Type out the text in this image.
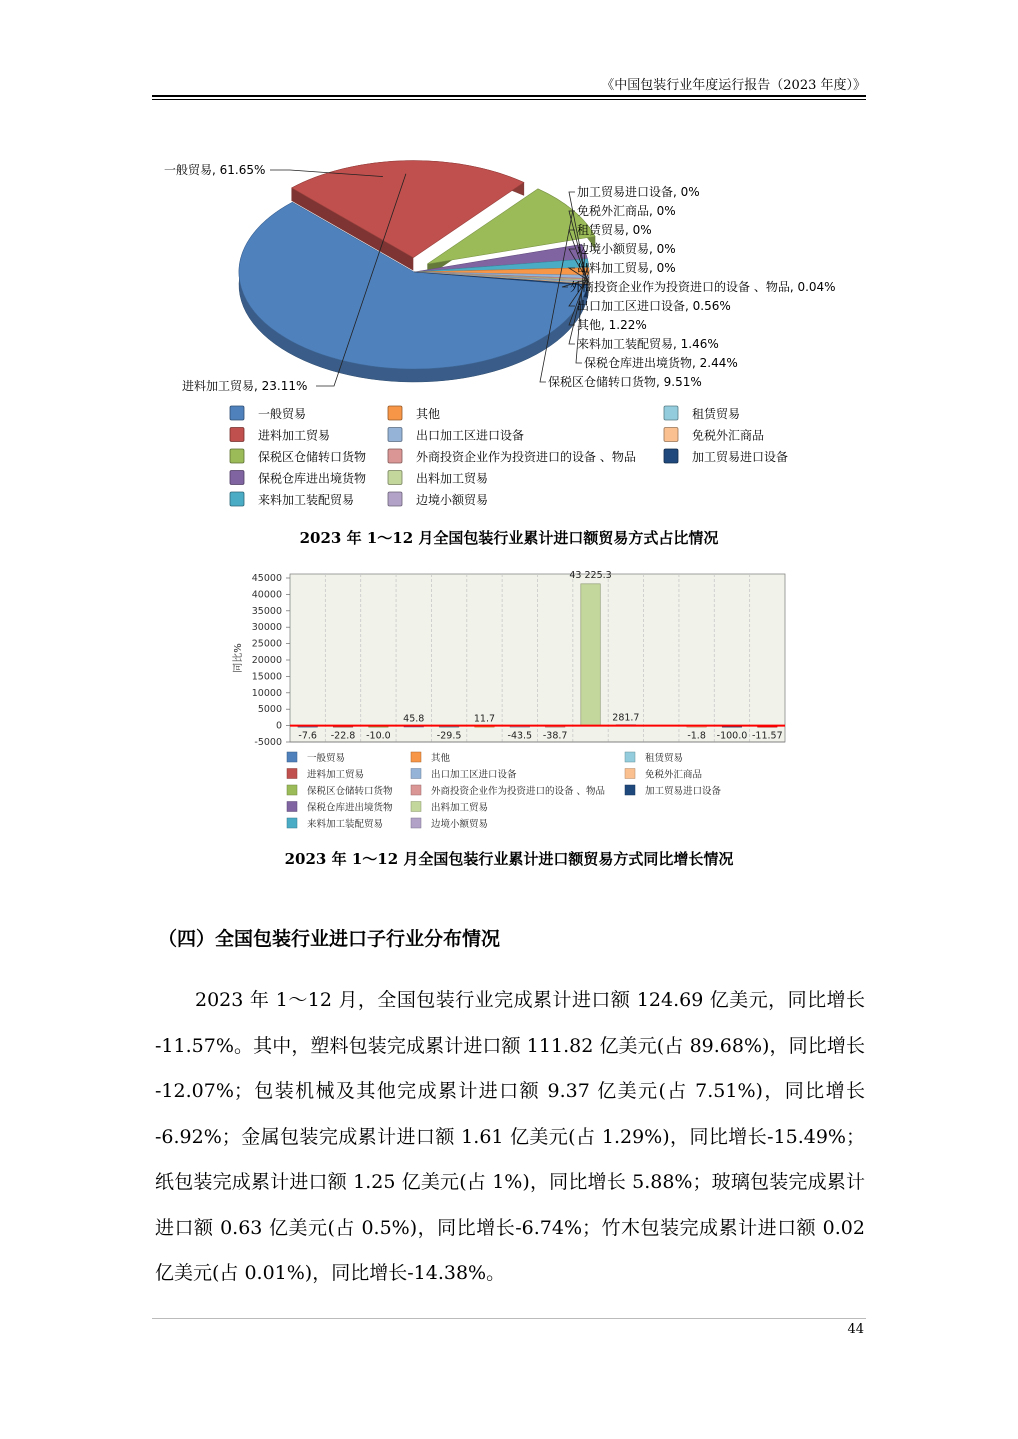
《中国包装行业年度运行报告（2023 年度）》
加工贸易进口设备, 0%
免税外汇商品, 0%
租赁贸易, 0%
边境小额贸易, 0%
出料加工贸易, 0%
外商投资企业作为投资进口的设备 、物品, 0.04%
出口加工区进口设备, 0.56%
其他, 1.22%
来料加工装配贸易, 1.46%
保税仓库进出境货物, 2.44%
保税区仓储转口货物, 9.51%
一般贸易, 61.65%
进料加工贸易, 23.11%
一般贸易	其他	租赁贸易
进料加工贸易	出口加工区进口设备	免税外汇商品
保税区仓储转口货物	外商投资企业作为投资进口的设备 、物品	加工贸易进口设备
保税仓库进出境货物	出料加工贸易
来料加工装配贸易	边境小额贸易
2023 年 1～12 月全国包装行业累计进口额贸易方式占比情况
-7.6 -22.8 -10.0
45.8
-29.5
11.7
-43.5 -38.7
43 225.3
281.7
-1.8 -100.0 -11.57
45000
40000
35000
30000
25000
20000
15000
10000
5000
0
-5000
同比%
一般贸易	其他	租赁贸易
进料加工贸易	出口加工区进口设备	免税外汇商品
保税区仓储转口货物	外商投资企业作为投资进口的设备 、物品	加工贸易进口设备
保税仓库进出境货物	出料加工贸易
来料加工装配贸易	边境小额贸易
2023 年 1～12 月全国包装行业累计进口额贸易方式同比增长情况
（四）全国包装行业进口子行业分布情况

2023 年 1～12 月，全国包装行业完成累计进口额 124.69 亿美元，同比增长 -11.57%。其中，塑料包装完成累计进口额 111.82 亿美元(占 89.68%)，同比增长 -12.07%；包装机械及其他完成累计进口额 9.37 亿美元(占 7.51%)，同比增长 -6.92%；金属包装完成累计进口额 1.61 亿美元(占 1.29%)，同比增长-15.49%；纸包装完成累计进口额 1.25 亿美元(占 1%)，同比增长 5.88%；玻璃包装完成累计进口额 0.63 亿美元(占 0.5%)，同比增长-6.74%；竹木包装完成累计进口额 0.02 亿美元(占 0.01%)，同比增长-14.38%。

44
